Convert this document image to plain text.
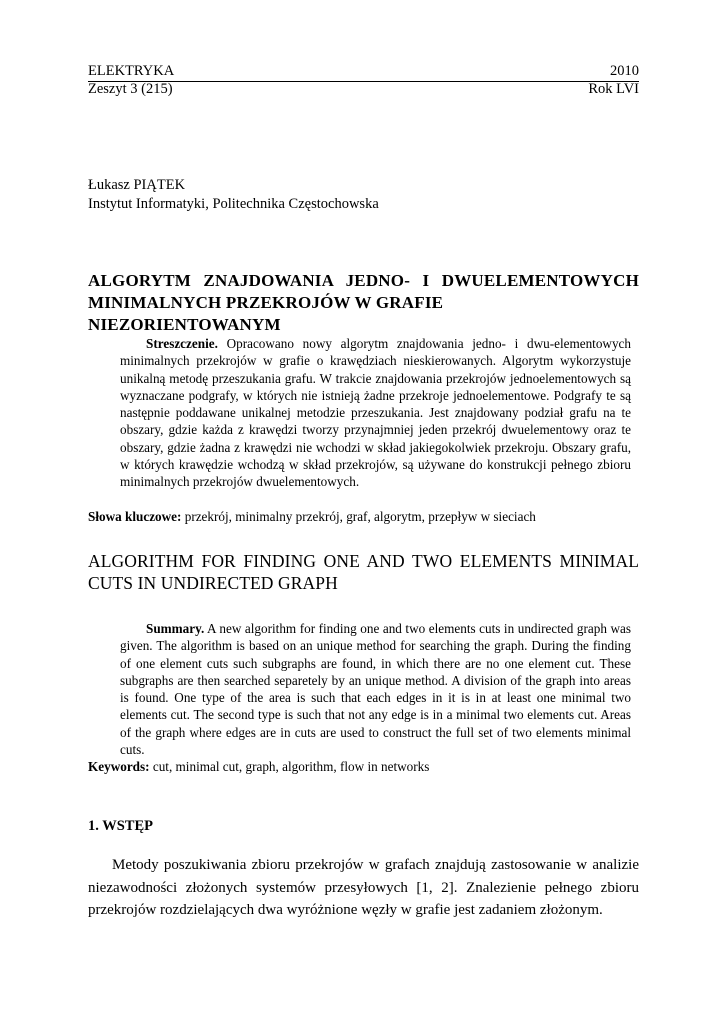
ELEKTRYKA	2010
Zeszyt 3 (215)	Rok LVI
Łukasz PIĄTEK
Instytut Informatyki, Politechnika Częstochowska
ALGORYTM ZNAJDOWANIA JEDNO- I DWUELEMENTOWYCH
MINIMALNYCH PRZEKROJÓW W GRAFIE NIEZORIENTOWANYM
Streszczenie. Opracowano nowy algorytm znajdowania jedno- i dwu-elementowych minimalnych przekrojów w grafie o krawędziach nieskierowanych. Algorytm wykorzystuje unikalną metodę przeszukania grafu. W trakcie znajdowania przekrojów jednoelementowych są wyznaczane podgrafy, w których nie istnieją żadne przekroje jednoelementowe. Podgrafy te są następnie poddawane unikalnej metodzie przeszukania. Jest znajdowany podział grafu na te obszary, gdzie każda z krawędzi tworzy przynajmniej jeden przekrój dwuelementowy oraz te obszary, gdzie żadna z krawędzi nie wchodzi w skład jakiegokolwiek przekroju. Obszary grafu, w których krawędzie wchodzą w skład przekrojów, są używane do konstrukcji pełnego zbioru minimalnych przekrojów dwuelementowych.
Słowa kluczowe: przekrój, minimalny przekrój, graf, algorytm, przepływ w sieciach
ALGORITHM FOR FINDING ONE AND TWO ELEMENTS MINIMAL
CUTS IN UNDIRECTED GRAPH
Summary. A new algorithm for finding one and two elements cuts in undirected graph was given. The algorithm is based on an unique method for searching the graph. During the finding of one element cuts such subgraphs are found, in which there are no one element cut. These subgraphs are then searched separetely by an unique method. A division of the graph into areas is found. One type of the area is such that each edges in it is in at least one minimal two elements cut. The second type is such that not any edge is in a minimal two elements cut. Areas of the graph where edges are in cuts are used to construct the full set of two elements minimal cuts.
Keywords: cut, minimal cut, graph, algorithm, flow in networks
1. WSTĘP
Metody poszukiwania zbioru przekrojów w grafach znajdują zastosowanie w analizie niezawodności złożonych systemów przesyłowych [1, 2]. Znalezienie pełnego zbioru przekrojów rozdzielających dwa wyróżnione węzły w grafie jest zadaniem złożonym.
